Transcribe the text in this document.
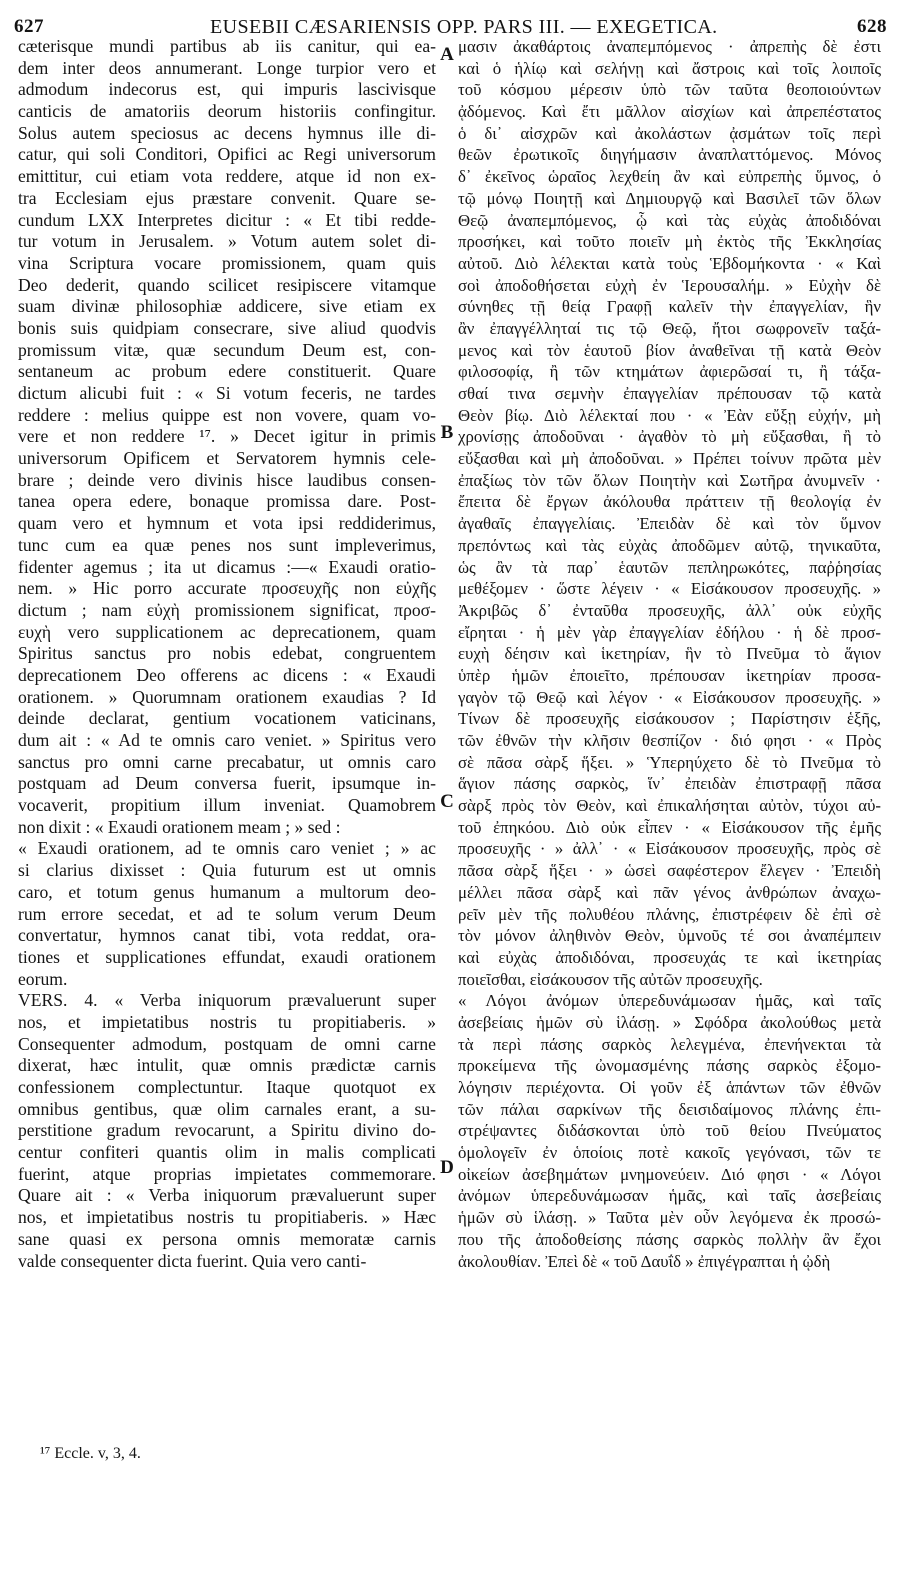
627	EUSEBII CÆSARIENSIS OPP. PARS III. — EXEGETICA.	628
cæterisque mundi partibus ab iis canitur, qui ea-
dem inter deos annumerant. Longe turpior vero et
admodum indecorus est, qui impuris lascivisque
canticis de amatoriis deorum historiis confingitur.
Solus autem speciosus ac decens hymnus ille di-
catur, qui soli Conditori, Opifici ac Regi universorum
emittitur, cui etiam vota reddere, atque id non ex-
tra Ecclesiam ejus præstare convenit. Quare se-
cundum LXX Interpretes dicitur : « Et tibi redde-
tur votum in Jerusalem. » Votum autem solet di-
vina Scriptura vocare promissionem, quam quis
Deo dederit, quando scilicet resipiscere vitamque
suam divinæ philosophiæ addicere, sive etiam ex
bonis suis quidpiam consecrare, sive aliud quodvis
promissum vitæ, quæ secundum Deum est, con-
sentaneum ac probum edere constituerit. Quare
dictum alicubi fuit : « Si votum feceris, ne tardes
reddere : melius quippe est non vovere, quam vo-
vere et non reddere ¹⁷. » Decet igitur in primis
universorum Opificem et Servatorem hymnis cele-
brare ; deinde vero divinis hisce laudibus consen-
tanea opera edere, bonaque promissa dare. Post-
quam vero et hymnum et vota ipsi reddiderimus,
tunc cum ea quæ penes nos sunt impleverimus,
fidenter agemus ; ita ut dicamus :—« Exaudi oratio-
nem. » Hic porro accurate προσευχῆς non εὐχῆς
dictum ; nam εὐχὴ promissionem significat, προσ-
ευχὴ vero supplicationem ac deprecationem, quam
Spiritus sanctus pro nobis edebat, congruentem
deprecationem Deo offerens ac dicens : « Exaudi
orationem. » Quorumnam orationem exaudias ? Id
deinde declarat, gentium vocationem vaticinans,
dum ait : « Ad te omnis caro veniet. » Spiritus vero
sanctus pro omni carne precabatur, ut omnis caro
postquam ad Deum conversa fuerit, ipsumque in-
vocaverit, propitium illum inveniat. Quamobrem
non dixit : « Exaudi orationem meam ; » sed :
« Exaudi orationem, ad te omnis caro veniet ; » ac
si clarius dixisset : Quia futurum est ut omnis
caro, et totum genus humanum a multorum deo-
rum errore secedat, et ad te solum verum Deum
convertatur, hymnos canat tibi, vota reddat, ora-
tiones et supplicationes effundat, exaudi orationem
eorum.
VERS. 4. « Verba iniquorum prævaluerunt super
nos, et impietatibus nostris tu propitiaberis. »
Consequenter admodum, postquam de omni carne
dixerat, hæc intulit, quæ omnis prædictæ carnis
confessionem complectuntur. Itaque quotquot ex
omnibus gentibus, quæ olim carnales erant, a su-
perstitione gradum revocarunt, a Spiritu divino do-
centur confiteri quantis olim in malis complicati
fuerint, atque proprias impietates commemorare.
Quare ait : « Verba iniquorum prævaluerunt super
nos, et impietatibus nostris tu propitiaberis. » Hæc
sane quasi ex persona omnis memoratæ carnis
valde consequenter dicta fuerint. Quia vero canti-
μασιν ἀκαθάρτοις ἀναπεμπόμενος · ἀπρεπὴς δὲ ἐστι
καὶ ὁ ἡλίῳ καὶ σελήνῃ καὶ ἄστροις καὶ τοῖς λοιποῖς
τοῦ κόσμου μέρεσιν ὑπὸ τῶν ταῦτα θεοποιούντων
ᾀδόμενος. Καὶ ἔτι μᾶλλον αἰσχίων καὶ ἀπρεπέστατος
ὁ δι᾽ αἰσχρῶν καὶ ἀκολάστων ᾀσμάτων τοῖς περὶ
θεῶν ἐρωτικοῖς διηγήμασιν ἀναπλαττόμενος. Μόνος
δ᾽ ἐκεῖνος ὡραῖος λεχθείη ἂν καὶ εὐπρεπὴς ὕμνος, ὁ
τῷ μόνῳ Ποιητῇ καὶ Δημιουργῷ καὶ Βασιλεῖ τῶν ὅλων
Θεῷ ἀναπεμπόμενος, ᾧ καὶ τὰς εὐχὰς ἀποδιδόναι
προσήκει, καὶ τοῦτο ποιεῖν μὴ ἐκτὸς τῆς Ἐκκλησίας
αὐτοῦ. Διὸ λέλεκται κατὰ τοὺς Ἑβδομήκοντα · « Καὶ
σοὶ ἀποδοθήσεται εὐχὴ ἐν Ἱερουσαλήμ. » Εὐχὴν δὲ
σύνηθες τῇ θείᾳ Γραφῇ καλεῖν τὴν ἐπαγγελίαν, ἣν
ἂν ἐπαγγέλληταί τις τῷ Θεῷ, ἤτοι σωφρονεῖν ταξά-
μενος καὶ τὸν ἑαυτοῦ βίον ἀναθεῖναι τῇ κατὰ Θεὸν
φιλοσοφίᾳ, ἢ τῶν κτημάτων ἀφιερῶσαί τι, ἢ τάξα-
σθαί τινα σεμνὴν ἐπαγγελίαν πρέπουσαν τῷ κατὰ
Θεὸν βίῳ. Διὸ λέλεκταί που · « Ἐὰν εὔξῃ εὐχήν, μὴ
χρονίσῃς ἀποδοῦναι · ἀγαθὸν τὸ μὴ εὔξασθαι, ἢ τὸ
εὔξασθαι καὶ μὴ ἀποδοῦναι. » Πρέπει τοίνυν πρῶτα μὲν
ἐπαξίως τὸν τῶν ὅλων Ποιητὴν καὶ Σωτῆρα ἀνυμνεῖν ·
ἔπειτα δὲ ἔργων ἀκόλουθα πράττειν τῇ θεολογίᾳ ἐν
ἀγαθαῖς ἐπαγγελίαις. Ἐπειδὰν δὲ καὶ τὸν ὕμνον
πρεπόντως καὶ τὰς εὐχὰς ἀποδῶμεν αὐτῷ, τηνικαῦτα,
ὡς ἂν τὰ παρ᾽ ἑαυτῶν πεπληρωκότες, παῤῥησίας
μεθέξομεν · ὥστε λέγειν · « Εἰσάκουσον προσευχῆς. »
Ἀκριβῶς δ᾽ ἐνταῦθα προσευχῆς, ἀλλ᾽ οὐκ εὐχῆς
εἴρηται · ἡ μὲν γὰρ ἐπαγγελίαν ἐδήλου · ἡ δὲ προσ-
ευχὴ δέησιν καὶ ἱκετηρίαν, ἣν τὸ Πνεῦμα τὸ ἅγιον
ὑπὲρ ἡμῶν ἐποιεῖτο, πρέπουσαν ἱκετηρίαν προσα-
γαγὸν τῷ Θεῷ καὶ λέγον · « Εἰσάκουσον προσευχῆς. »
Τίνων δὲ προσευχῆς εἰσάκουσον ; Παρίστησιν ἑξῆς,
τῶν ἐθνῶν τὴν κλῆσιν θεσπίζον · διό φησι · « Πρὸς
σὲ πᾶσα σὰρξ ἥξει. » Ὑπερηύχετο δὲ τὸ Πνεῦμα τὸ
ἅγιον πάσης σαρκὸς, ἵν᾽ ἐπειδὰν ἐπιστραφῇ πᾶσα
σὰρξ πρὸς τὸν Θεὸν, καὶ ἐπικαλήσηται αὐτὸν, τύχοι αὐ-
τοῦ ἐπηκόου. Διὸ οὐκ εἶπεν · « Εἰσάκουσον τῆς ἐμῆς
προσευχῆς · » ἀλλ᾽ · « Εἰσάκουσον προσευχῆς, πρὸς σὲ
πᾶσα σὰρξ ἥξει · » ὡσεὶ σαφέστερον ἔλεγεν · Ἐπειδὴ
μέλλει πᾶσα σὰρξ καὶ πᾶν γένος ἀνθρώπων ἀναχω-
ρεῖν μὲν τῆς πολυθέου πλάνης, ἐπιστρέφειν δὲ ἐπὶ σὲ
τὸν μόνον ἀληθινὸν Θεὸν, ὑμνοῦς τέ σοι ἀναπέμπειν
καὶ εὐχὰς ἀποδιδόναι, προσευχάς τε καὶ ἱκετηρίας
ποιεῖσθαι, εἰσάκουσον τῆς αὐτῶν προσευχῆς.
« Λόγοι ἀνόμων ὑπερεδυνάμωσαν ἡμᾶς, καὶ ταῖς
ἀσεβείαις ἡμῶν σὺ ἱλάσῃ. » Σφόδρα ἀκολούθως μετὰ
τὰ περὶ πάσης σαρκὸς λελεγμένα, ἐπενήνεκται τὰ
προκείμενα τῆς ὠνομασμένης πάσης σαρκὸς ἐξομο-
λόγησιν περιέχοντα. Οἱ γοῦν ἐξ ἁπάντων τῶν ἐθνῶν
τῶν πάλαι σαρκίνων τῆς δεισιδαίμονος πλάνης ἐπι-
στρέψαντες διδάσκονται ὑπὸ τοῦ θείου Πνεύματος
ὁμολογεῖν ἐν ὁποίοις ποτὲ κακοῖς γεγόνασι, τῶν τε
οἰκείων ἀσεβημάτων μνημονεύειν. Διό φησι · « Λόγοι
ἀνόμων ὑπερεδυνάμωσαν ἡμᾶς, καὶ ταῖς ἀσεβείαις
ἡμῶν σὺ ἱλάσῃ. » Ταῦτα μὲν οὖν λεγόμενα ἐκ προσώ-
που τῆς ἀποδοθείσης πάσης σαρκὸς πολλὴν ἂν ἔχοι
ἀκολουθίαν. Ἐπεὶ δὲ « τοῦ Δαυΐδ » ἐπιγέγραπται ἡ ᾠδὴ
A
B
C
D
¹⁷ Eccle. v, 3, 4.
